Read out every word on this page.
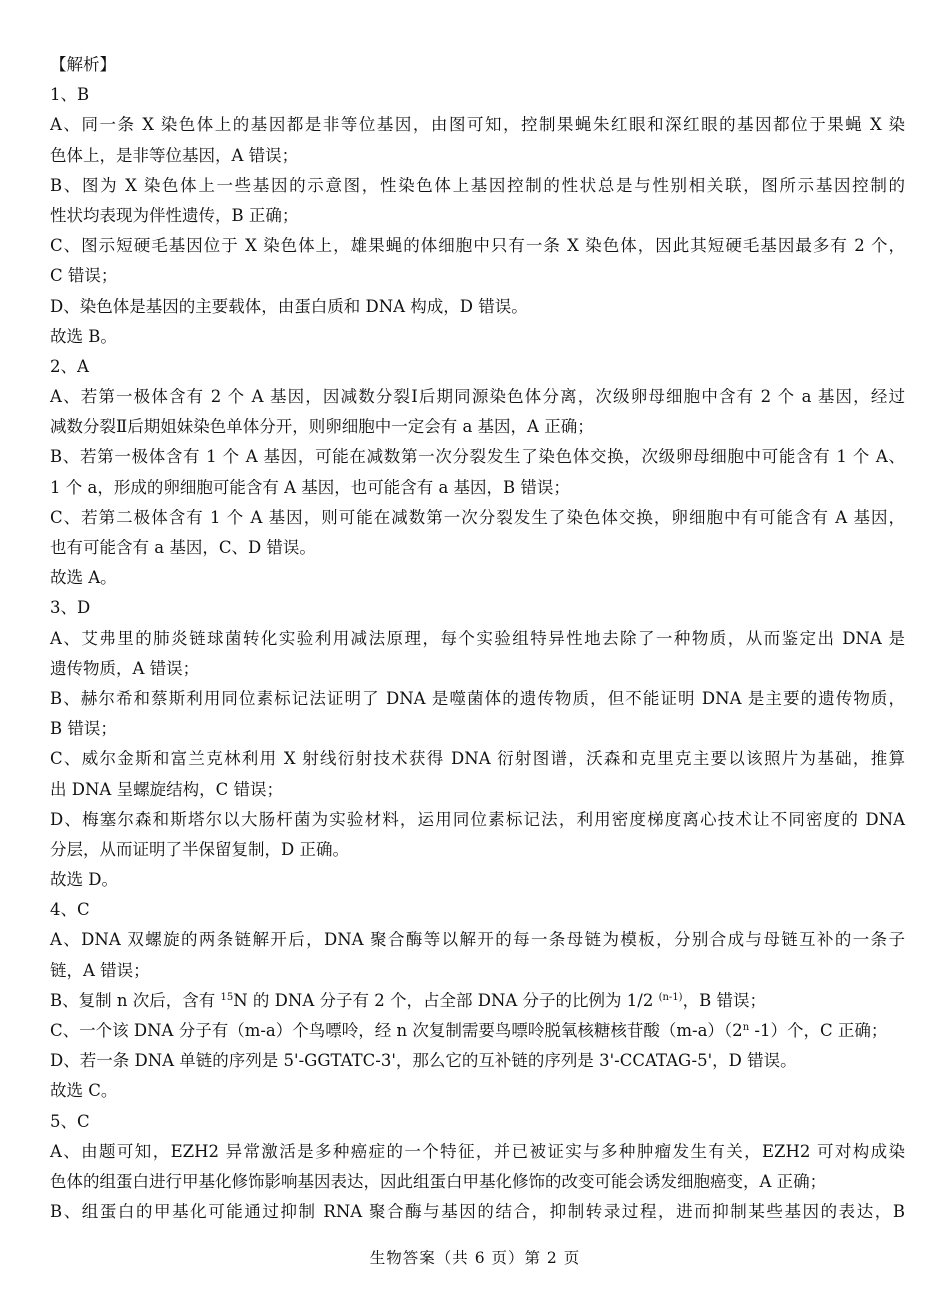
【解析】
1、B
A、同一条 X 染色体上的基因都是非等位基因，由图可知，控制果蝇朱红眼和深红眼的基因都位于果蝇 X 染
色体上，是非等位基因，A 错误；
B、图为 X 染色体上一些基因的示意图，性染色体上基因控制的性状总是与性别相关联，图所示基因控制的
性状均表现为伴性遗传，B 正确；
C、图示短硬毛基因位于 X 染色体上，雄果蝇的体细胞中只有一条 X 染色体，因此其短硬毛基因最多有 2 个，
C 错误；
D、染色体是基因的主要载体，由蛋白质和 DNA 构成，D 错误。
故选 B。
2、A
A、若第一极体含有 2 个 A 基因，因减数分裂Ⅰ后期同源染色体分离，次级卵母细胞中含有 2 个 a 基因，经过
减数分裂Ⅱ后期姐妹染色单体分开，则卵细胞中一定会有 a 基因，A 正确；
B、若第一极体含有 1 个 A 基因，可能在减数第一次分裂发生了染色体交换，次级卵母细胞中可能含有 1 个 A、
1 个 a，形成的卵细胞可能含有 A 基因，也可能含有 a 基因，B 错误；
C、若第二极体含有 1 个 A 基因，则可能在减数第一次分裂发生了染色体交换，卵细胞中有可能含有 A 基因，
也有可能含有 a 基因，C、D 错误。
故选 A。
3、D
A、艾弗里的肺炎链球菌转化实验利用减法原理，每个实验组特异性地去除了一种物质，从而鉴定出 DNA 是
遗传物质，A 错误；
B、赫尔希和蔡斯利用同位素标记法证明了 DNA 是噬菌体的遗传物质，但不能证明 DNA 是主要的遗传物质，
B 错误；
C、威尔金斯和富兰克林利用 X 射线衍射技术获得 DNA 衍射图谱，沃森和克里克主要以该照片为基础，推算
出 DNA 呈螺旋结构，C 错误；
D、梅塞尔森和斯塔尔以大肠杆菌为实验材料，运用同位素标记法，利用密度梯度离心技术让不同密度的 DNA
分层，从而证明了半保留复制，D 正确。
故选 D。
4、C
A、DNA 双螺旋的两条链解开后，DNA 聚合酶等以解开的每一条母链为模板，分别合成与母链互补的一条子
链，A 错误；
B、复制 n 次后，含有 $^{15}$N 的 DNA 分子有 2 个，占全部 DNA 分子的比例为 1/2 $^{(n-1)}$，B 错误；
C、一个该 DNA 分子有（m-a）个鸟嘌呤，经 n 次复制需要鸟嘌呤脱氧核糖核苷酸（m-a）（2$^n$ -1）个，C 正确；
D、若一条 DNA 单链的序列是 5'-GGTATC-3'，那么它的互补链的序列是 3'-CCATAG-5'，D 错误。
故选 C。
5、C
A、由题可知，EZH2 异常激活是多种癌症的一个特征，并已被证实与多种肿瘤发生有关，EZH2 可对构成染
色体的组蛋白进行甲基化修饰影响基因表达，因此组蛋白甲基化修饰的改变可能会诱发细胞癌变，A 正确；
B、组蛋白的甲基化可能通过抑制 RNA 聚合酶与基因的结合，抑制转录过程，进而抑制某些基因的表达，B
生物答案（共 6 页）第 2 页
